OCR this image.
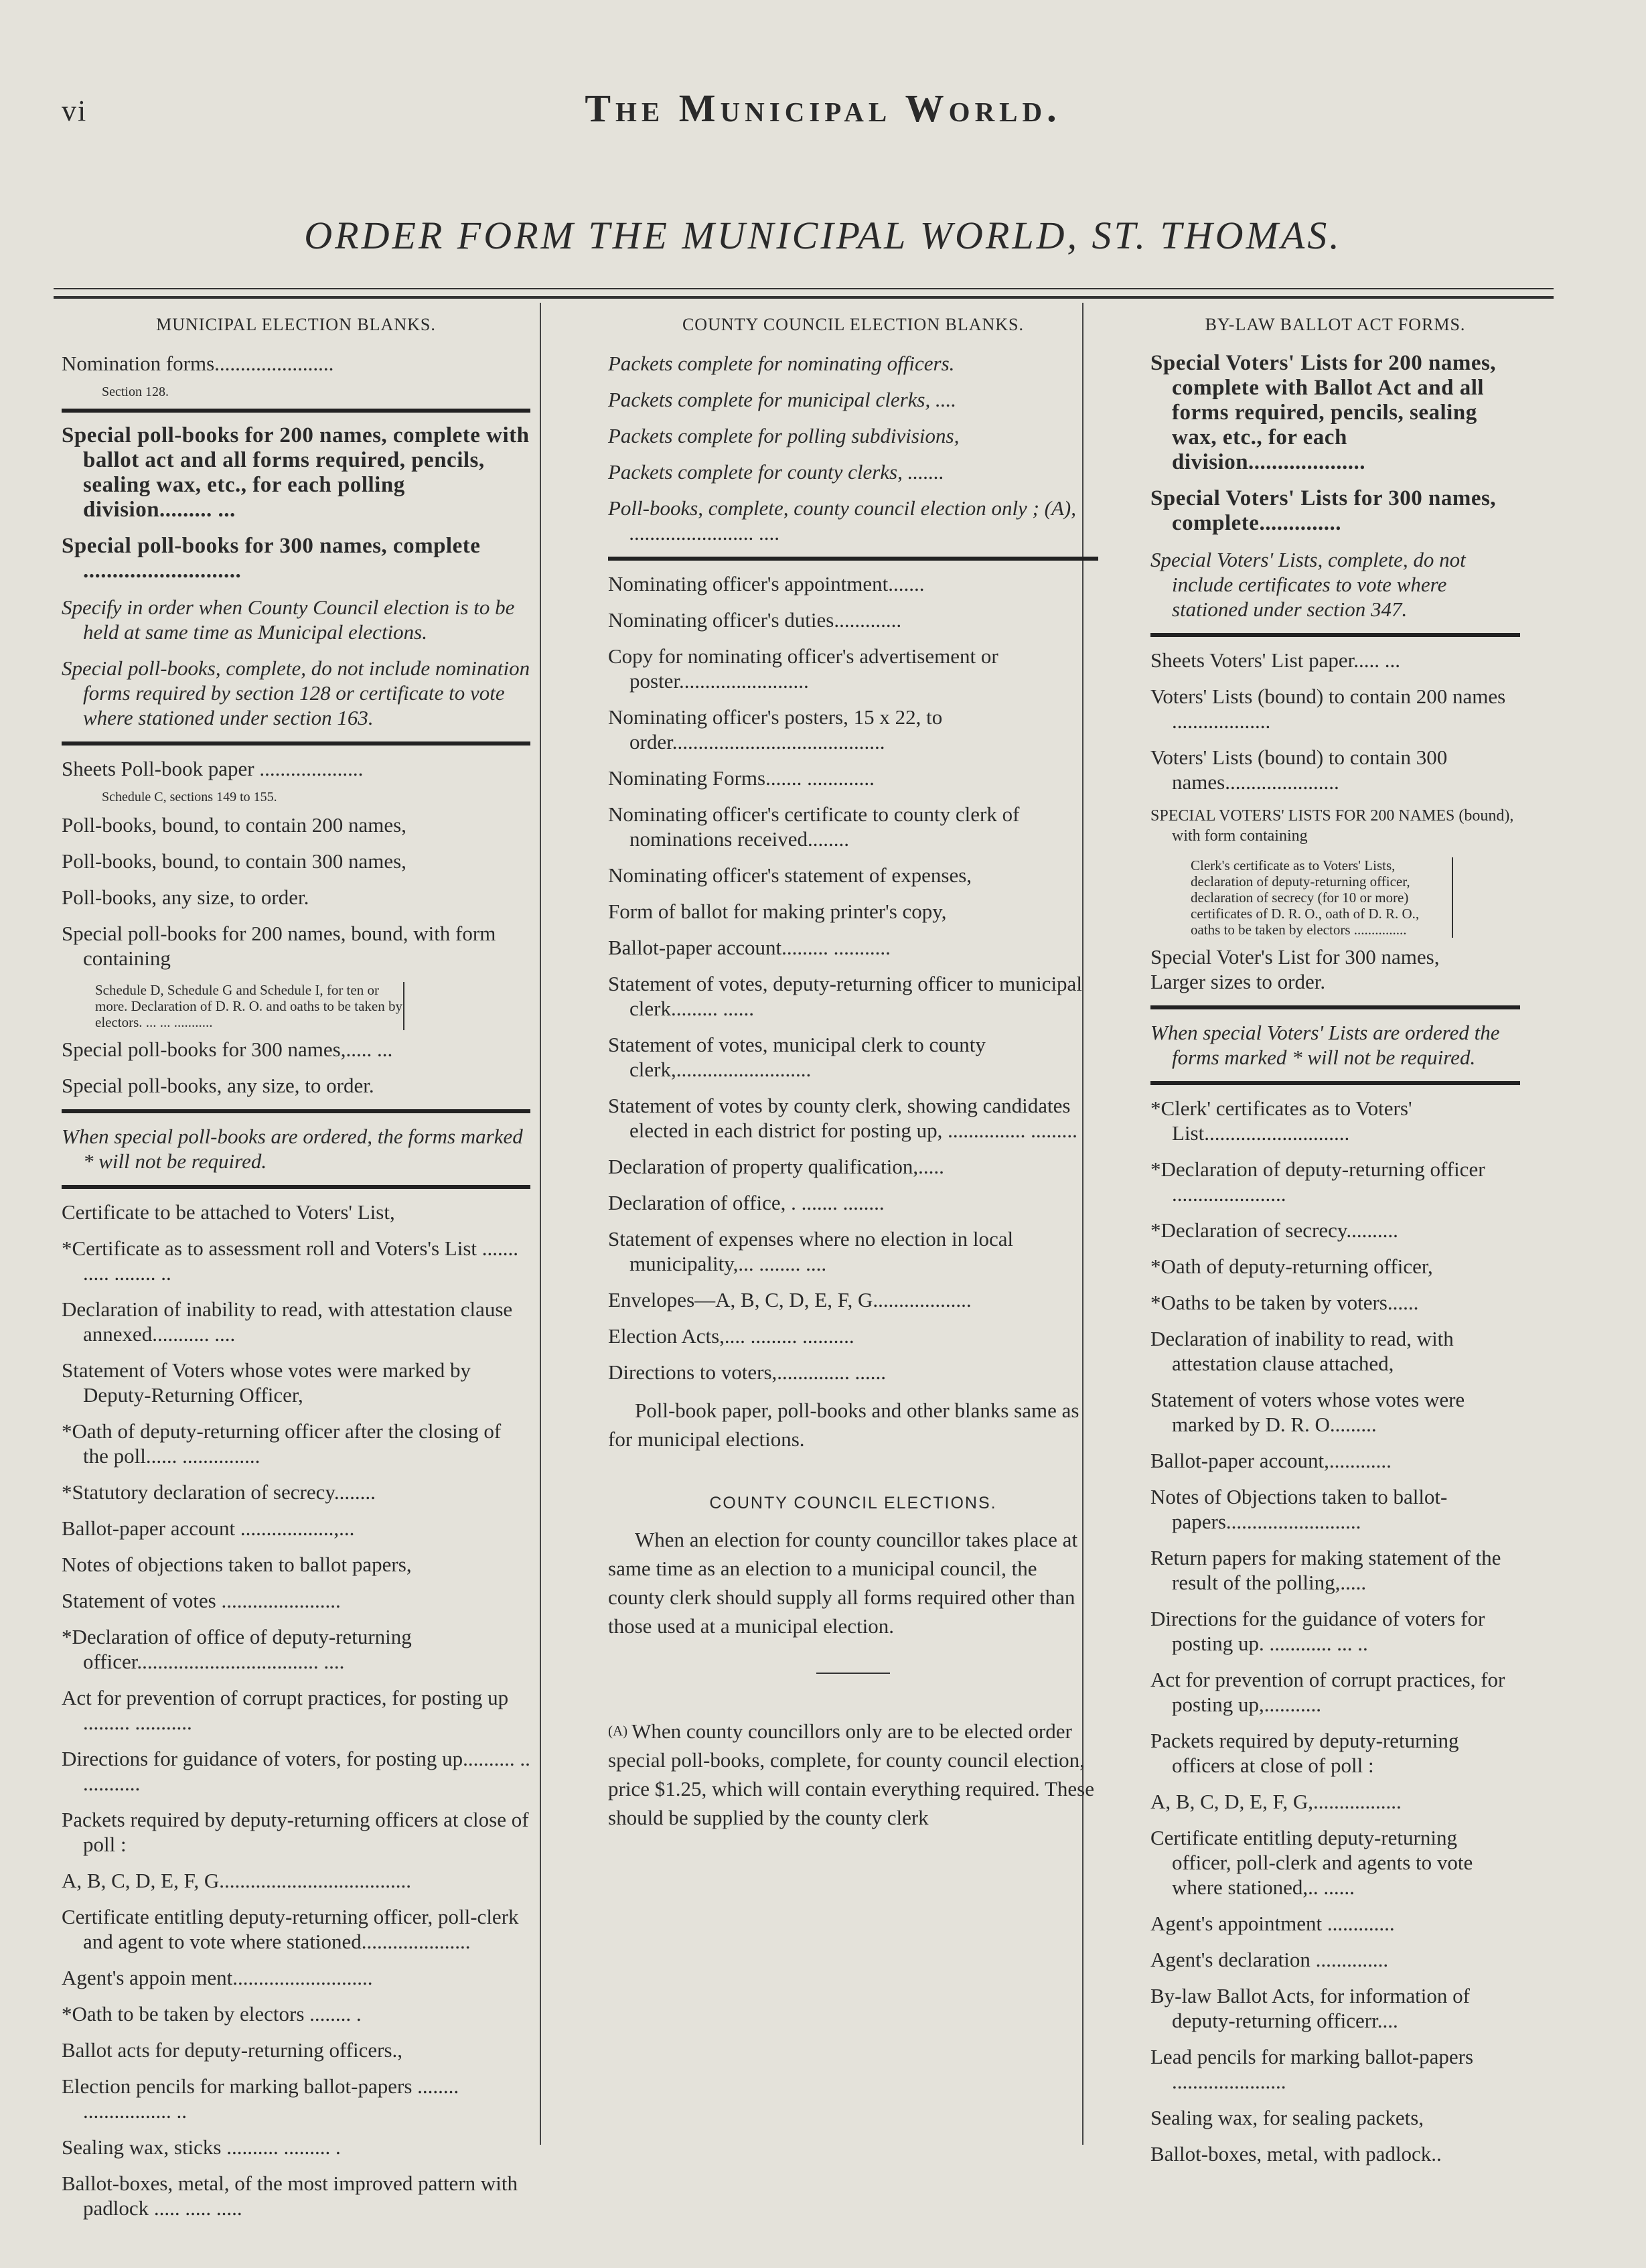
vi	The Municipal World.
ORDER FORM THE MUNICIPAL WORLD, ST. THOMAS.
MUNICIPAL ELECTION BLANKS.
Nomination forms.......................
Section 128.
Special poll-books for 200 names, complete with ballot act and all forms required, pencils, sealing wax, etc., for each polling division......... ...
Special poll-books for 300 names, complete ...........................
Specify in order when County Council election is to be held at same time as Municipal elections.
Special poll-books, complete, do not include nomination forms required by section 128 or certificate to vote where stationed under section 163.
Sheets Poll-book paper ....................
Schedule C, sections 149 to 155.
Poll-books, bound, to contain 200 names,
Poll-books, bound, to contain 300 names,
Poll-books, any size, to order.
Special poll-books for 200 names, bound, with form containing
Schedule D, Schedule G and Schedule I, for ten or more. Declaration of D. R. O. and oaths to be taken by electors. ... ... ...........
Special poll-books for 300 names,..... ...
Special poll-books, any size, to order.
When special poll-books are ordered, the forms marked * will not be required.
Certificate to be attached to Voters' List,
*Certificate as to assessment roll and Voters's List ....... ..... ........ ..
Declaration of inability to read, with attestation clause annexed........... ....
Statement of Voters whose votes were marked by Deputy-Returning Officer,
*Oath of deputy-returning officer after the closing of the poll...... ...............
*Statutory declaration of secrecy........
Ballot-paper account ..................,...
Notes of objections taken to ballot papers,
Statement of votes .......................
*Declaration of office of deputy-returning officer................................... ....
Act for prevention of corrupt practices, for posting up ......... ...........
Directions for guidance of voters, for posting up.......... .. ...........
Packets required by deputy-returning officers at close of poll :
A, B, C, D, E, F, G.....................................
Certificate entitling deputy-returning officer, poll-clerk and agent to vote where stationed.....................
Agent's appoin ment...........................
*Oath to be taken by electors ........ .
Ballot acts for deputy-returning officers.,
Election pencils for marking ballot-papers ........ ................. ..
Sealing wax, sticks .......... ......... .
Ballot-boxes, metal, of the most improved pattern with padlock ..... ..... .....
COUNTY COUNCIL ELECTION BLANKS.
Packets complete for nominating officers.
Packets complete for municipal clerks, ....
Packets complete for polling subdivisions,
Packets complete for county clerks, .......
Poll-books, complete, county council election only ; (A), ........................ ....
Nominating officer's appointment.......
Nominating officer's duties.............
Copy for nominating officer's advertisement or poster.........................
Nominating officer's posters, 15 x 22, to order.........................................
Nominating Forms....... .............
Nominating officer's certificate to county clerk of nominations received........
Nominating officer's statement of expenses,
Form of ballot for making printer's copy,
Ballot-paper account......... ...........
Statement of votes, deputy-returning officer to municipal clerk......... ......
Statement of votes, municipal clerk to county clerk,..........................
Statement of votes by county clerk, showing candidates elected in each district for posting up, ............... .........
Declaration of property qualification,.....
Declaration of office, . ....... ........
Statement of expenses where no election in local municipality,... ........ ....
Envelopes—A, B, C, D, E, F, G...................
Election Acts,.... ......... ..........
Directions to voters,.............. ......

Poll-book paper, poll-books and other blanks same as for municipal elections.

COUNTY COUNCIL ELECTIONS.

When an election for county councillor takes place at same time as an election to a municipal council, the county clerk should supply all forms required other than those used at a municipal election.

$^{(A)}$ When county councillors only are to be elected order special poll-books, complete, for county council election, price $1.25, which will contain everything required. These should be supplied by the county clerk

BY-LAW BALLOT ACT FORMS.
Special Voters' Lists for 200 names, complete with Ballot Act and all forms required, pencils, sealing wax, etc., for each division....................
Special Voters' Lists for 300 names, complete..............
Special Voters' Lists, complete, do not include certificates to vote where stationed under section 347.
Sheets Voters' List paper..... ...
Voters' Lists (bound) to contain 200 names ...................
Voters' Lists (bound) to contain 300 names......................
SPECIAL VOTERS' LISTS FOR 200 NAMES (bound), with form containing
Clerk's certificate as to Voters' Lists, declaration of deputy-returning officer, declaration of secrecy (for 10 or more) certificates of D. R. O., oath of D. R. O., oaths to be taken by electors ...............
Special Voter's List for 300 names,
Larger sizes to order.
When special Voters' Lists are ordered the forms marked * will not be required.
*Clerk' certificates as to Voters' List............................
*Declaration of deputy-returning officer ......................
*Declaration of secrecy..........
*Oath of deputy-returning officer,
*Oaths to be taken by voters......
Declaration of inability to read, with attestation clause attached,
Statement of voters whose votes were marked by D. R. O.........
Ballot-paper account,............
Notes of Objections taken to ballot-papers..........................
Return papers for making statement of the result of the polling,.....
Directions for the guidance of voters for posting up. ............ ... ..
Act for prevention of corrupt practices, for posting up,...........
Packets required by deputy-returning officers at close of poll :
A, B, C, D, E, F, G,.................
Certificate entitling deputy-returning officer, poll-clerk and agents to vote where stationed,.. ......
Agent's appointment .............
Agent's declaration ..............
By-law Ballot Acts, for information of deputy-returning officerr....
Lead pencils for marking ballot-papers ......................
Sealing wax, for sealing packets,
Ballot-boxes, metal, with padlock..
